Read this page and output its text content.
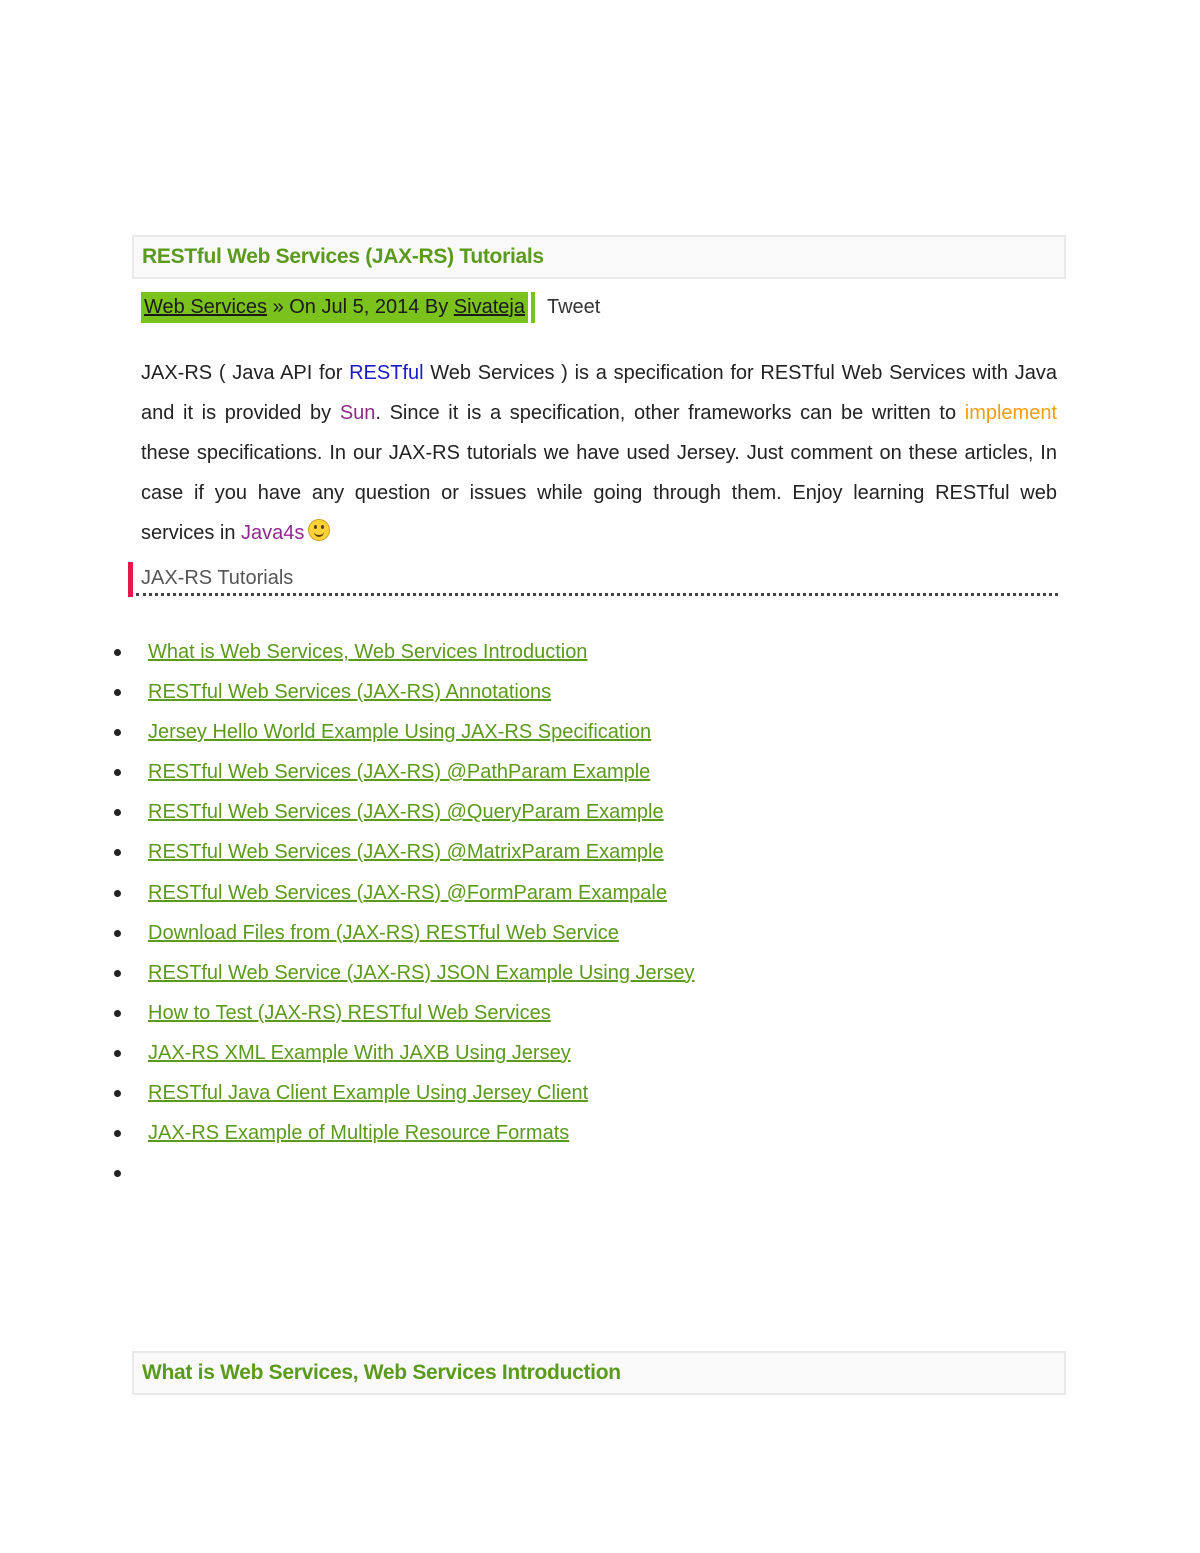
RESTful Web Services (JAX-RS) Tutorials
Web Services » On Jul 5, 2014 By Sivateja Tweet
JAX-RS ( Java API for RESTful Web Services ) is a specification for RESTful Web Services with Java and it is provided by Sun. Since it is a specification, other frameworks can be written to implement these specifications. In our JAX-RS tutorials we have used Jersey. Just comment on these articles, In case if you have any question or issues while going through them. Enjoy learning RESTful web services in Java4s
JAX-RS Tutorials
What is Web Services, Web Services Introduction
RESTful Web Services (JAX-RS) Annotations
Jersey Hello World Example Using JAX-RS Specification
RESTful Web Services (JAX-RS) @PathParam Example
RESTful Web Services (JAX-RS) @QueryParam Example
RESTful Web Services (JAX-RS) @MatrixParam Example
RESTful Web Services (JAX-RS) @FormParam Exampale
Download Files from (JAX-RS) RESTful Web Service
RESTful Web Service (JAX-RS) JSON Example Using Jersey
How to Test (JAX-RS) RESTful Web Services
JAX-RS XML Example With JAXB Using Jersey
RESTful Java Client Example Using Jersey Client
JAX-RS Example of Multiple Resource Formats
What is Web Services, Web Services Introduction
